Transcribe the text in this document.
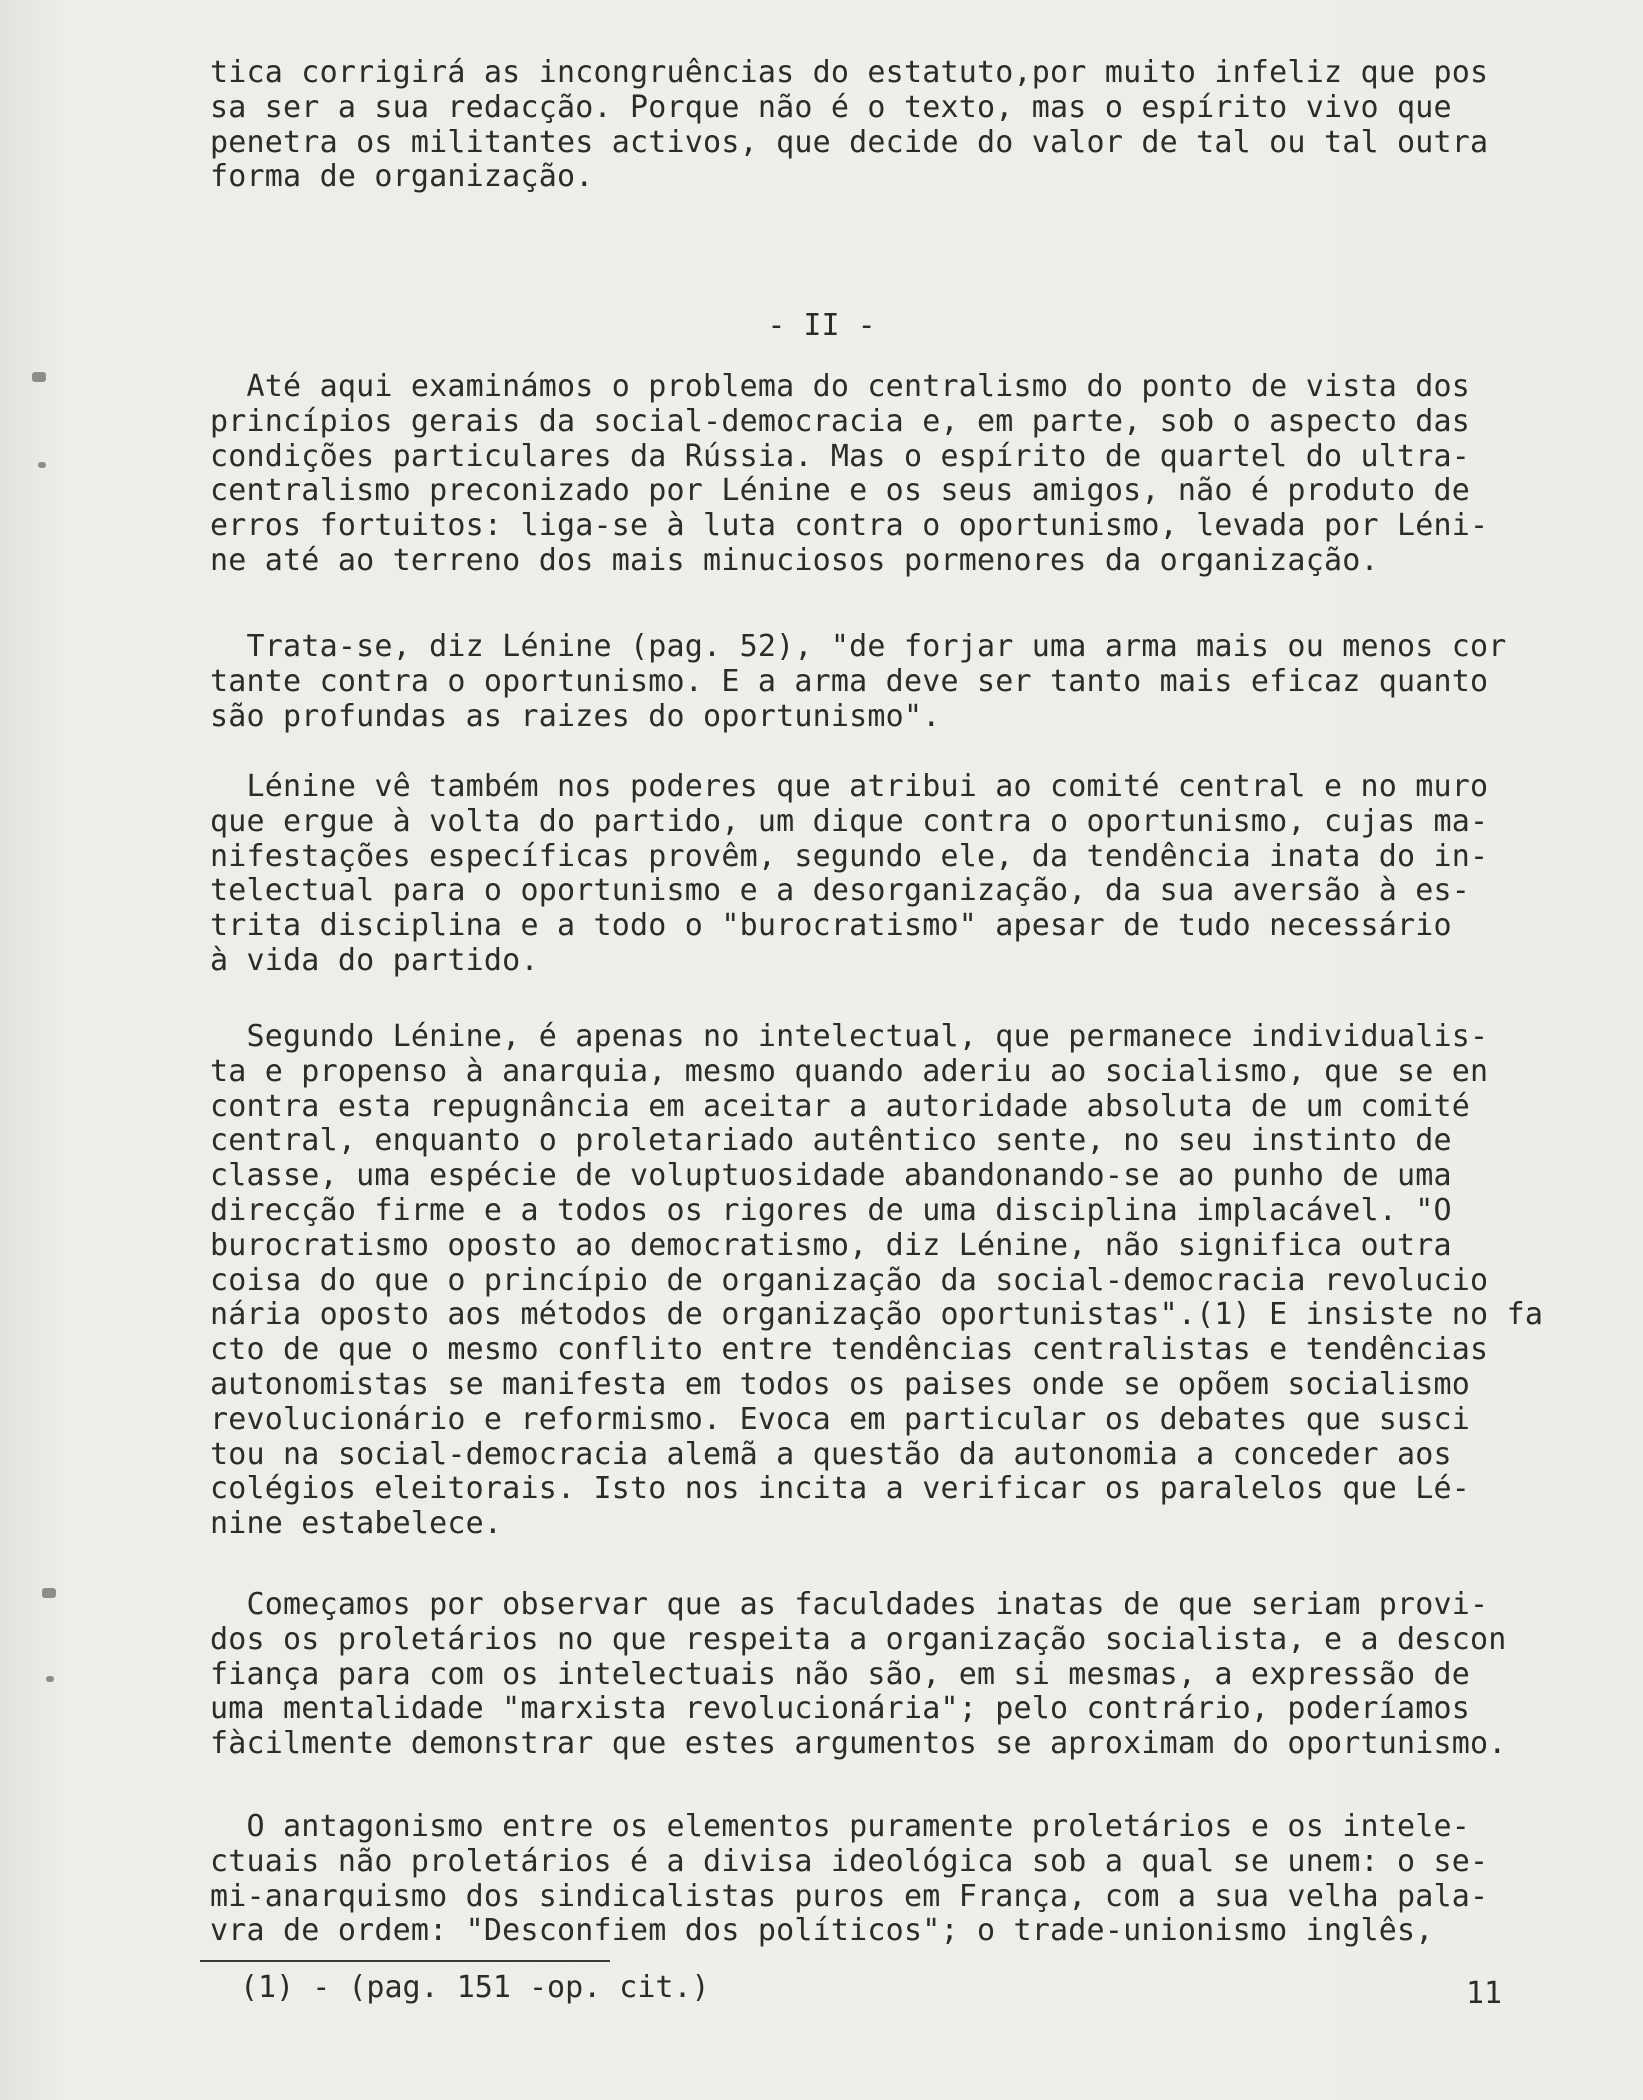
tica corrigirá as incongruências do estatuto,por muito infeliz que pos
sa ser a sua redacção. Porque não é o texto, mas o espírito vivo que
penetra os militantes activos, que decide do valor de tal ou tal outra
forma de organização.
- II -
Até aqui examinámos o problema do centralismo do ponto de vista dos
princípios gerais da social-democracia e, em parte, sob o aspecto das
condições particulares da Rússia. Mas o espírito de quartel do ultra-
centralismo preconizado por Lénine e os seus amigos, não é produto de
erros fortuitos: liga-se à luta contra o oportunismo, levada por Léni-
ne até ao terreno dos mais minuciosos pormenores da organização.
Trata-se, diz Lénine (pag. 52), "de forjar uma arma mais ou menos cor
tante contra o oportunismo. E a arma deve ser tanto mais eficaz quanto
são profundas as raizes do oportunismo".
Lénine vê também nos poderes que atribui ao comité central e no muro
que ergue à volta do partido, um dique contra o oportunismo, cujas ma-
nifestações específicas provêm, segundo ele, da tendência inata do in-
telectual para o oportunismo e a desorganização, da sua aversão à es-
trita disciplina e a todo o "burocratismo" apesar de tudo necessário
à vida do partido.
Segundo Lénine, é apenas no intelectual, que permanece individualis-
ta e propenso à anarquia, mesmo quando aderiu ao socialismo, que se en
contra esta repugnância em aceitar a autoridade absoluta de um comité
central, enquanto o proletariado autêntico sente, no seu instinto de
classe, uma espécie de voluptuosidade abandonando-se ao punho de uma
direcção firme e a todos os rigores de uma disciplina implacável. "O
burocratismo oposto ao democratismo, diz Lénine, não significa outra
coisa do que o princípio de organização da social-democracia revolucio
nária oposto aos métodos de organização oportunistas".(1) E insiste no fa
cto de que o mesmo conflito entre tendências centralistas e tendências
autonomistas se manifesta em todos os paises onde se opõem socialismo
revolucionário e reformismo. Evoca em particular os debates que susci
tou na social-democracia alemã a questão da autonomia a conceder aos
colégios eleitorais. Isto nos incita a verificar os paralelos que Lé-
nine estabelece.
Começamos por observar que as faculdades inatas de que seriam provi-
dos os proletários no que respeita a organização socialista, e a descon
fiança para com os intelectuais não são, em si mesmas, a expressão de
uma mentalidade "marxista revolucionária"; pelo contrário, poderíamos
fàcilmente demonstrar que estes argumentos se aproximam do oportunismo.
O antagonismo entre os elementos puramente proletários e os intele-
ctuais não proletários é a divisa ideológica sob a qual se unem: o se-
mi-anarquismo dos sindicalistas puros em França, com a sua velha pala-
vra de ordem: "Desconfiem dos políticos"; o trade-unionismo inglês,
(1) - (pag. 151 -op. cit.)	11
